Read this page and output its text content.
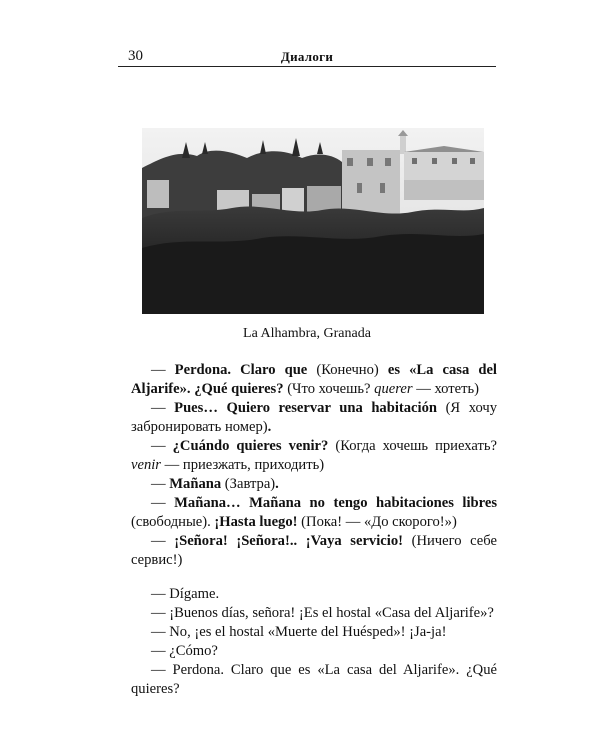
30	Диалоги
La Alhambra, Granada

— Perdona. Claro que (Конечно) es «La casa del Aljarife». ¿Qué quieres? (Что хочешь? querer — хотеть)

— Pues… Quiero reservar una habitación (Я хочу забронировать номер).

— ¿Cuándo quieres venir? (Когда хочешь приехать? venir — приезжать, приходить)

— Mañana (Завтра).

— Mañana… Mañana no tengo habitaciones libres (свободные). ¡Hasta luego! (Пока! — «До скорого!»)

— ¡Señora! ¡Señora!.. ¡Vaya servicio! (Ничего себе сервис!)

— Dígame.

— ¡Buenos días, señora! ¡Es el hostal «Casa del Aljarife»?

— No, ¡es el hostal «Muerte del Huésped»! ¡Ja-ja!

— ¿Cómo?

— Perdona. Claro que es «La casa del Aljarife». ¿Qué quieres?
